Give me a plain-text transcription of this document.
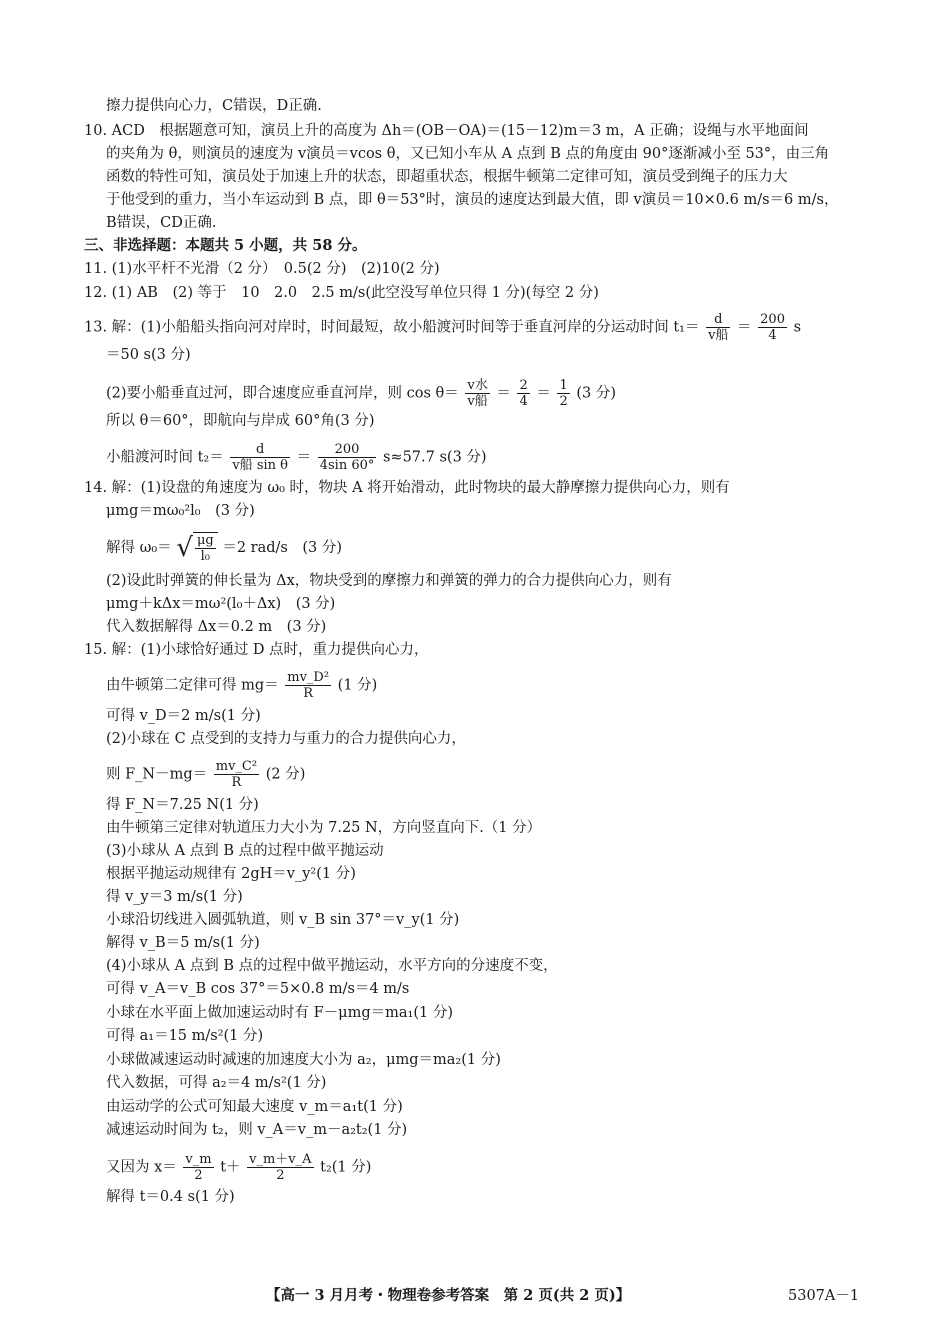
擦力提供向心力，C错误，D正确.
10. ACD　根据题意可知，演员上升的高度为 Δh＝(OB－OA)＝(15－12)m＝3 m，A 正确；设绳与水平地面间
的夹角为 θ，则演员的速度为 v演员＝vcos θ，又已知小车从 A 点到 B 点的角度由 90°逐渐减小至 53°，由三角
函数的特性可知，演员处于加速上升的状态，即超重状态，根据牛顿第二定律可知，演员受到绳子的压力大
于他受到的重力，当小车运动到 B 点，即 θ＝53°时，演员的速度达到最大值，即 v演员＝10×0.6 m/s＝6 m/s，
B错误，CD正确.
三、非选择题：本题共 5 小题，共 58 分。
11. (1)水平杆不光滑（2 分）　0.5(2 分)　(2)10(2 分)
12. (1) AB　(2) 等于　10　2.0　2.5 m/s(此空没写单位只得 1 分)(每空 2 分)
13. 解：(1)小船船头指向河对岸时，时间最短，故小船渡河时间等于垂直河岸的分运动时间 $t_1= \frac{d}{\text{v船}} = \frac{200}{4}$ s
＝50 s(3 分)
(2)要小船垂直过河，即合速度应垂直河岸，则 $\cos \theta= \frac{\text{v水}}{\text{v船}} = \frac{2}{4} = \frac{1}{2} (3$ 分)
所以 θ＝60°，即航向与岸成 60°角(3 分)
小船渡河时间 $t_2= \frac{d}{\text{v船 sin θ}} = \frac{200}{4\sin 60^\circ} s\approx 57.7$ s(3 分)
14. 解：(1)设盘的角速度为 ω₀ 时，物块 A 将开始滑动，此时物块的最大静摩擦力提供向心力，则有
μmg＝mω₀²l₀　(3 分)
解得 ω₀＝ √ $\frac{\mu g}{\text{l₀}} =2$ rad/s　(3 分)
(2)设此时弹簧的伸长量为 Δx，物块受到的摩擦力和弹簧的弹力的合力提供向心力，则有
μmg＋kΔx＝mω²(l₀＋Δx)　(3 分)
代入数据解得 Δx＝0.2 m　(3 分)
15. 解：(1)小球恰好通过 D 点时，重力提供向心力，
由牛顿第二定律可得 $mg= \frac{\text{mv\_D²}}{R} (1$ 分)
可得 v_D＝2 m/s(1 分)
(2)小球在 C 点受到的支持力与重力的合力提供向心力，
则 F_N－mg＝ $\frac{\text{mv\_C²}}{R} (2$ 分)
得 F_N＝7.25 N(1 分)
由牛顿第三定律对轨道压力大小为 7.25 N，方向竖直向下.（1 分）
(3)小球从 A 点到 B 点的过程中做平抛运动
根据平抛运动规律有 2gH＝v_y²(1 分)
得 v_y＝3 m/s(1 分)
小球沿切线进入圆弧轨道，则 v_B sin 37°＝v_y(1 分)
解得 v_B＝5 m/s(1 分)
(4)小球从 A 点到 B 点的过程中做平抛运动，水平方向的分速度不变，
可得 v_A＝v_B cos 37°＝5×0.8 m/s＝4 m/s
小球在水平面上做加速运动时有 F－μmg＝ma₁(1 分)
可得 a₁＝15 m/s²(1 分)
小球做减速运动时减速的加速度大小为 a₂，μmg＝ma₂(1 分)
代入数据，可得 a₂＝4 m/s²(1 分)
由运动学的公式可知最大速度 v_m＝a₁t(1 分)
减速运动时间为 t₂，则 v_A＝v_m－a₂t₂(1 分)
又因为 $x= \frac{v\_m}{2} t+ \frac{v\_m+v\_A}{2} t_2(1$ 分)
解得 t＝0.4 s(1 分)
【高一 3 月月考・物理卷参考答案　第 2 页(共 2 页)】	5307A－1
